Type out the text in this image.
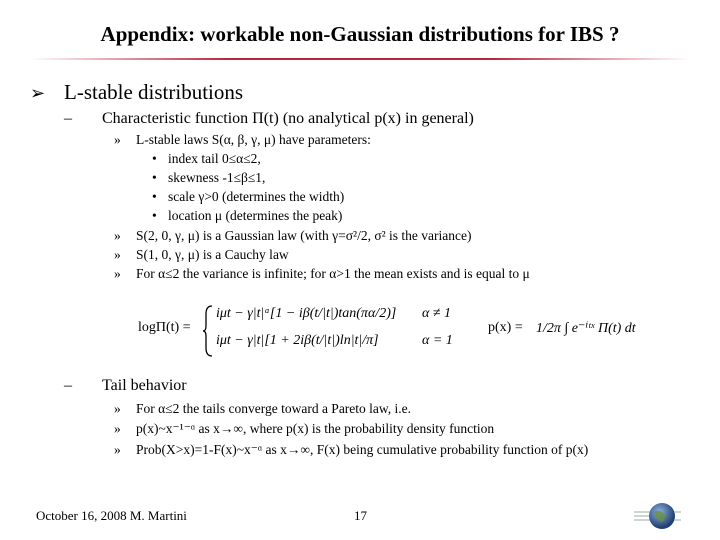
Appendix: workable non-Gaussian distributions for IBS ?
➢ L-stable distributions
– Characteristic function Π(t) (no analytical p(x) in general)
» L-stable laws S(α, β, γ, μ) have parameters:
• index tail 0≤α≤2,
• skewness -1≤β≤1,
• scale γ>0 (determines the width)
• location μ (determines the peak)
» S(2, 0, γ, μ) is a Gaussian law (with γ=σ²/2, σ² is the variance)
» S(1, 0, γ, μ) is a Cauchy law
» For α≤2 the variance is infinite; for α>1 the mean exists and is equal to μ
logΠ(t) =
iμt − γ|t|ᵅ[1 − iβ(t/|t|)tan(πα/2)] α ≠ 1
iμt − γ|t|[1 + 2iβ(t/|t|)ln|t|/π]	α = 1
p(x) = 1/2π ∫ e⁻ⁱᵗˣ Π(t) dt
– Tail behavior
» For α≤2 the tails converge toward a Pareto law, i.e.
» p(x)~x⁻¹⁻ᵅ as x→∞, where p(x) is the probability density function
» Prob(X>x)=1-F(x)~x⁻ᵅ as x→∞, F(x) being cumulative probability function of p(x)
October 16, 2008 M. Martini	17
